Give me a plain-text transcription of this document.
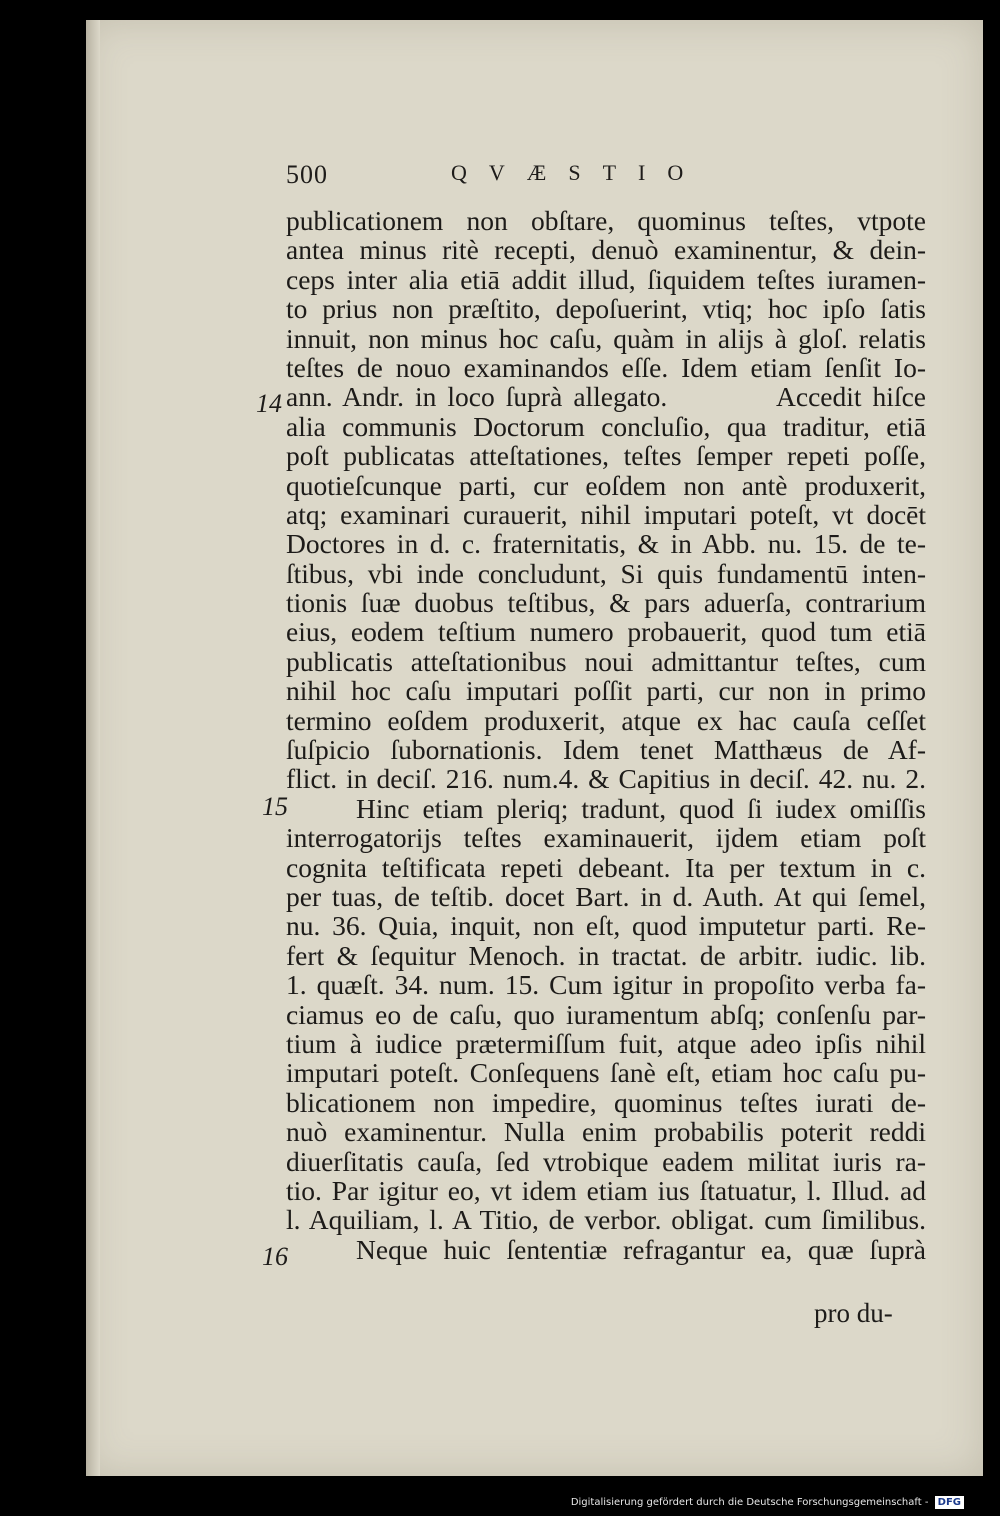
500	QVÆSTIO
publicationem non obſtare, quominus teſtes, vtpote
antea minus ritè recepti, denuò examinentur, & dein-
ceps inter alia etiā addit illud, ſiquidem teſtes iuramen-
to prius non præſtito, depoſuerint, vtiq; hoc ipſo ſatis
innuit, non minus hoc caſu, quàm in alijs à gloſ. relatis
teſtes de nouo examinandos eſſe. Idem etiam ſenſit Io-
ann. Andr. in loco ſuprà allegato.          Accedit hiſce
alia communis Doctorum concluſio, qua traditur, etiā
poſt publicatas atteſtationes, teſtes ſemper repeti poſſe,
quotieſcunque parti, cur eoſdem non antè produxerit,
atq; examinari curauerit, nihil imputari poteſt, vt docēt
Doctores in d. c. fraternitatis, & in Abb. nu. 15. de te-
ſtibus, vbi inde concludunt, Si quis fundamentū inten-
tionis ſuæ duobus teſtibus, & pars aduerſa, contrarium
eius, eodem teſtium numero probauerit, quod tum etiā
publicatis atteſtationibus noui admittantur teſtes, cum
nihil hoc caſu imputari poſſit parti, cur non in primo
termino eoſdem produxerit, atque ex hac cauſa ceſſet
ſuſpicio ſubornationis. Idem tenet Matthæus de Af-
flict. in deciſ. 216. num.4. & Capitius in deciſ. 42. nu. 2.
Hinc etiam pleriq; tradunt, quod ſi iudex omiſſis
interrogatorijs teſtes examinauerit, ijdem etiam poſt
cognita teſtificata repeti debeant. Ita per textum in c.
per tuas, de teſtib. docet Bart. in d. Auth. At qui ſemel,
nu. 36. Quia, inquit, non eſt, quod imputetur parti. Re-
fert & ſequitur Menoch. in tractat. de arbitr. iudic. lib.
1. quæſt. 34. num. 15. Cum igitur in propoſito verba fa-
ciamus eo de caſu, quo iuramentum abſq; conſenſu par-
tium à iudice prætermiſſum fuit, atque adeo ipſis nihil
imputari poteſt. Conſequens ſanè eſt, etiam hoc caſu pu-
blicationem non impedire, quominus teſtes iurati de-
nuò examinentur. Nulla enim probabilis poterit reddi
diuerſitatis cauſa, ſed vtrobique eadem militat iuris ra-
tio. Par igitur eo, vt idem etiam ius ſtatuatur, l. Illud. ad
l. Aquiliam, l. A Titio, de verbor. obligat. cum ſimilibus.
Neque huic ſententiæ refragantur ea, quæ ſuprà
14
15
16
pro du-
Digitalisierung gefördert durch die Deutsche Forschungsgemeinschaft - DFG
